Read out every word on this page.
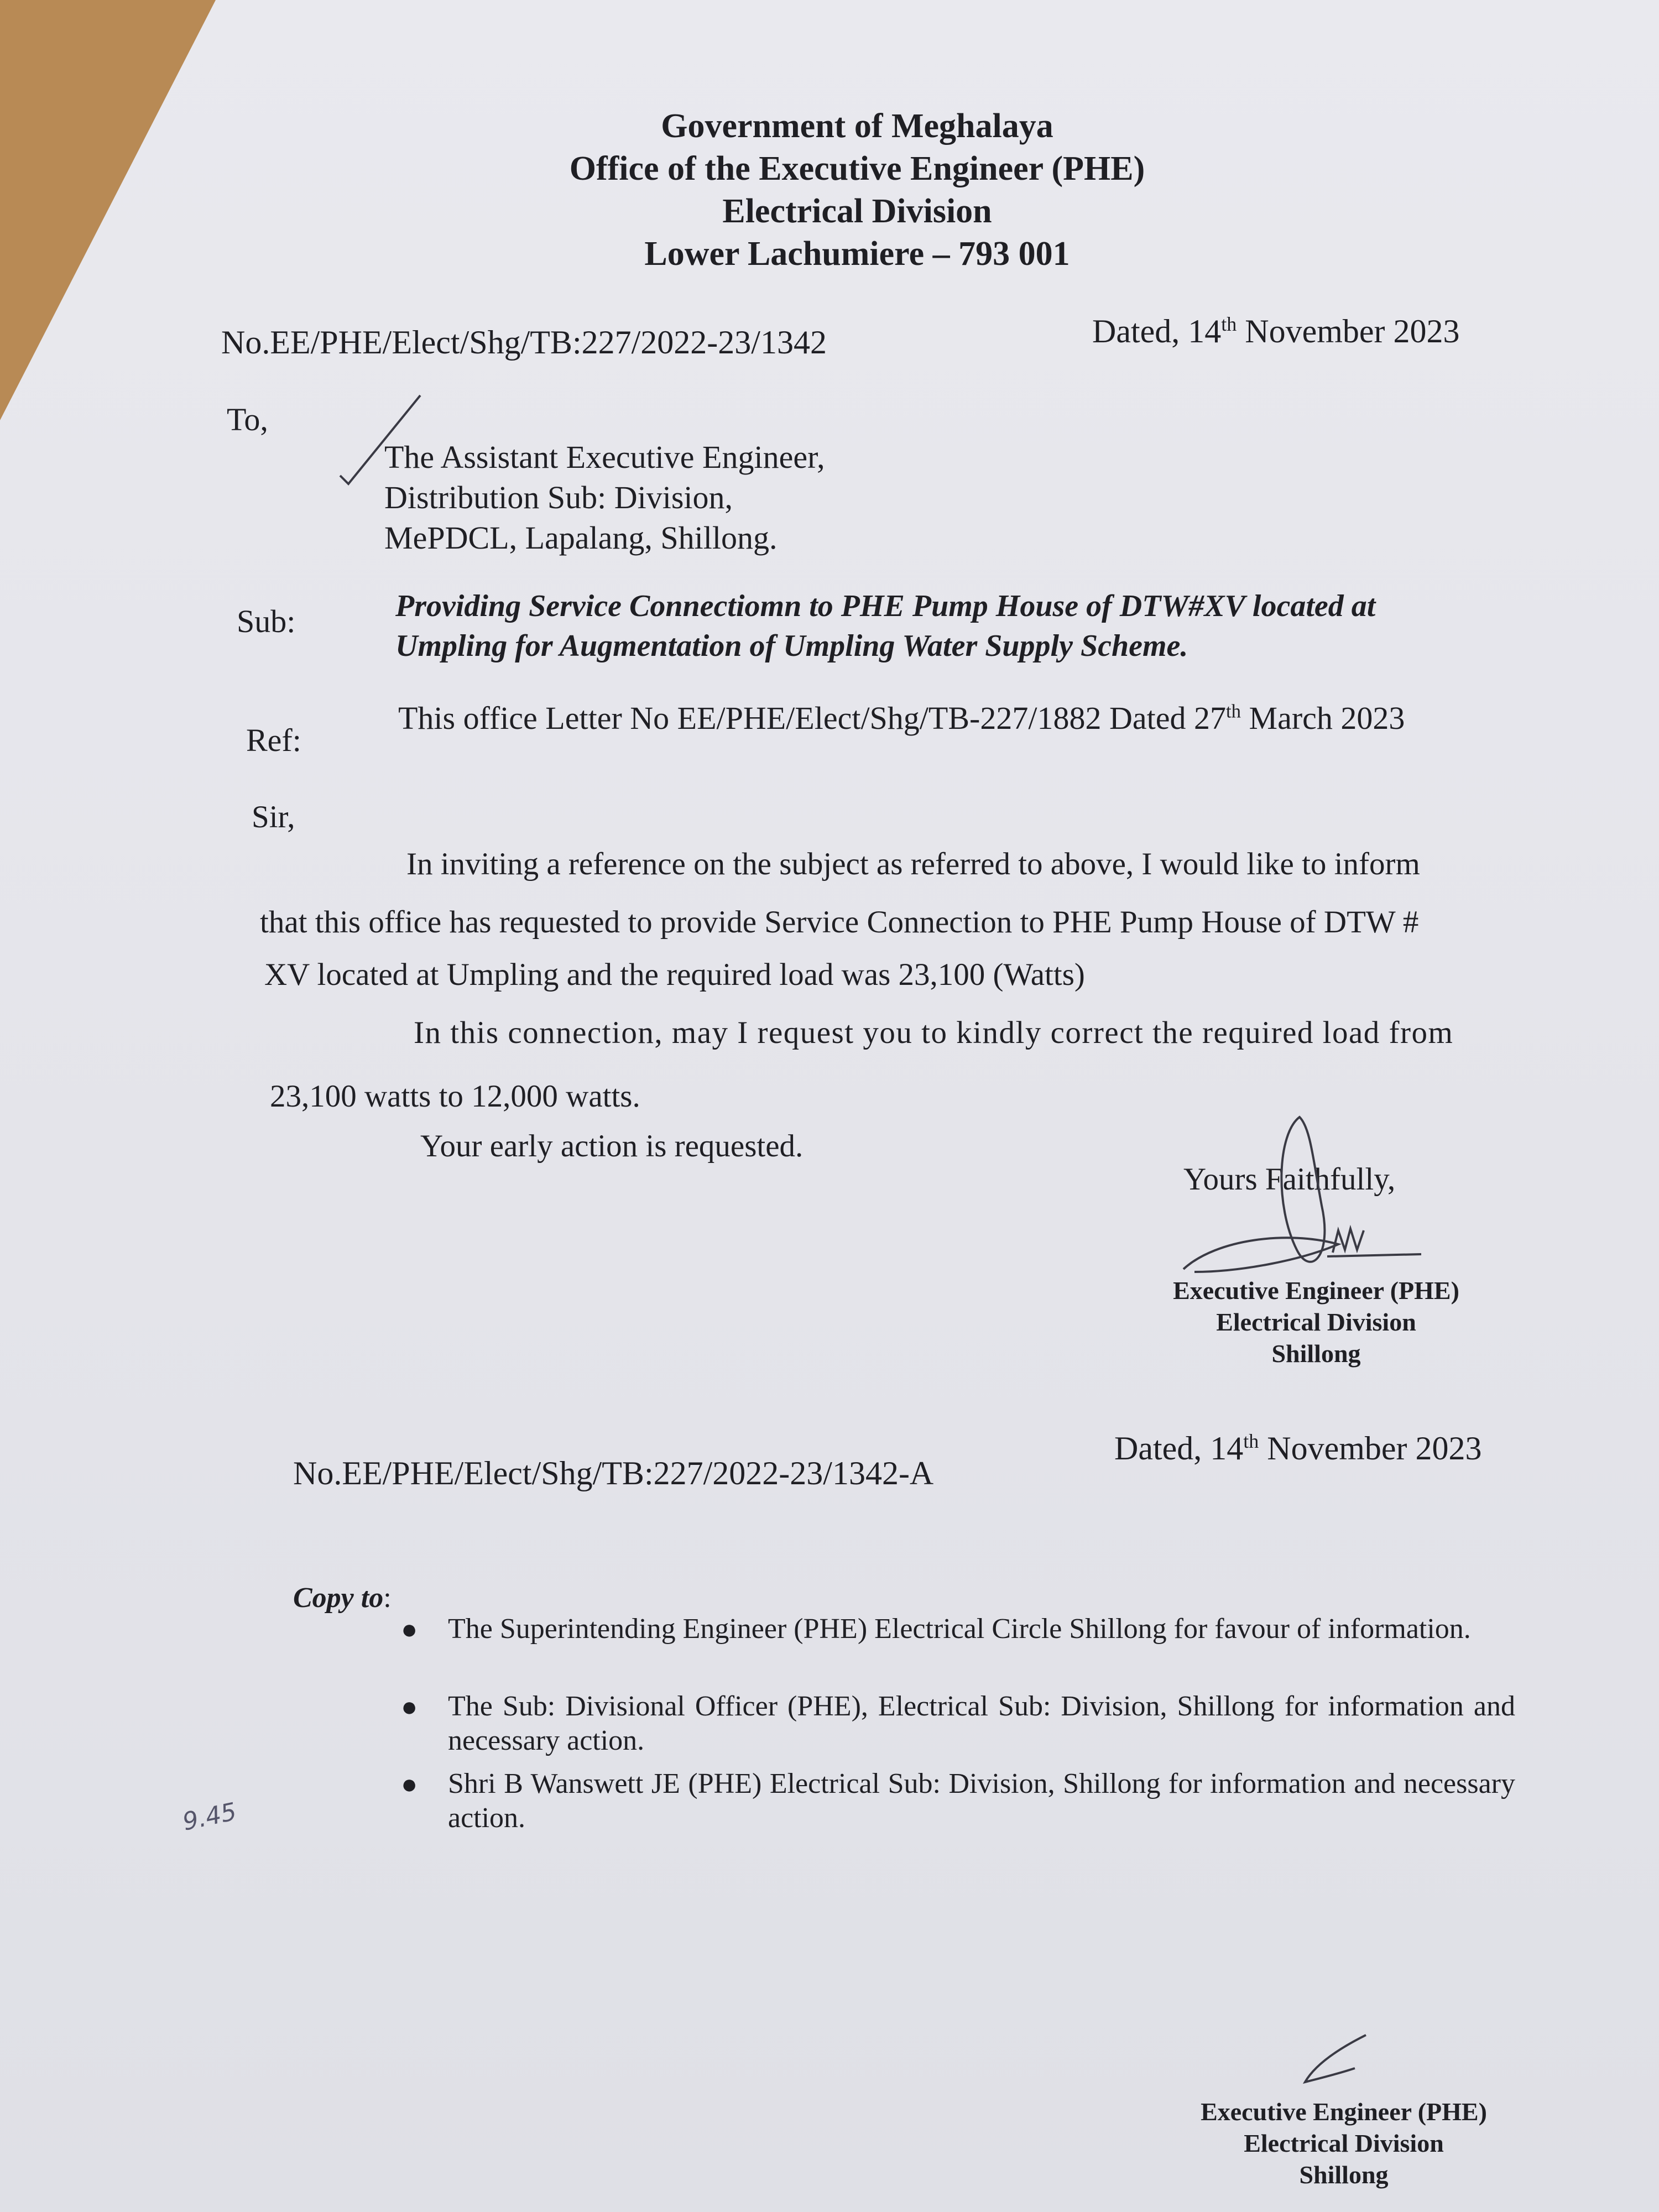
Government of Meghalaya
Office of the Executive Engineer (PHE)
Electrical Division
Lower Lachumiere – 793 001
No.EE/PHE/Elect/Shg/TB:227/2022-23/1342	Dated, 14th November 2023
To,
The Assistant Executive Engineer,
Distribution Sub: Division,
MePDCL, Lapalang, Shillong.
Sub:	Providing Service Connectiomn to PHE Pump House of DTW#XV located at
Umpling for Augmentation of Umpling Water Supply Scheme.
Ref:
This office Letter No EE/PHE/Elect/Shg/TB-227/1882 Dated 27th March 2023
Sir,
In inviting a reference on the subject as referred to above, I would like to inform
that this office has requested to provide Service Connection to PHE Pump House of DTW #
XV located at Umpling and the required load was 23,100 (Watts)
In this connection, may I request you to kindly correct the required load from
23,100 watts to 12,000 watts.
Your early action is requested.
Yours Faithfully,
Executive Engineer (PHE)
Electrical Division
Shillong
No.EE/PHE/Elect/Shg/TB:227/2022-23/1342-A
Dated, 14th November 2023
Copy to:
● The Superintending Engineer (PHE) Electrical Circle Shillong for favour of information.
● The Sub: Divisional Officer (PHE), Electrical Sub: Division, Shillong for information and necessary action.
● Shri B Wanswett JE (PHE) Electrical Sub: Division, Shillong for information and necessary action.
9.45
Executive Engineer (PHE)
Electrical Division
Shillong
